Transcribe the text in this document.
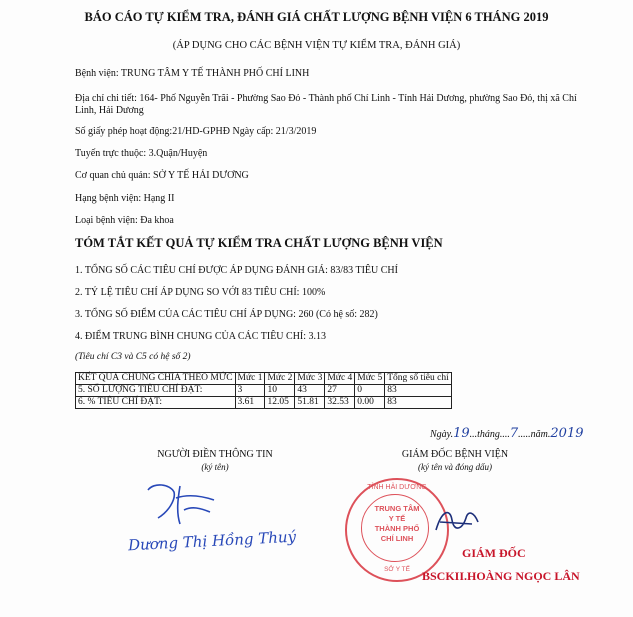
BÁO CÁO TỰ KIỂM TRA, ĐÁNH GIÁ CHẤT LƯỢNG BỆNH VIỆN 6 THÁNG 2019
(ÁP DỤNG CHO CÁC BỆNH VIỆN TỰ KIỂM TRA, ĐÁNH GIÁ)
Bệnh viện: TRUNG TÂM Y TẾ THÀNH PHỐ CHÍ LINH
Địa chỉ chi tiết: 164- Phố Nguyễn Trãi - Phường Sao Đỏ - Thành phố Chí Linh - Tỉnh Hải Dương, phường Sao Đỏ, thị xã Chí Linh, Hải Dương
Số giấy phép hoạt động:21/HD-GPHĐ Ngày cấp: 21/3/2019
Tuyến trực thuộc: 3.Quận/Huyện
Cơ quan chủ quản: SỞ Y TẾ HẢI DƯƠNG
Hạng bệnh viện: Hạng II
Loại bệnh viện: Đa khoa
TÓM TẮT KẾT QUẢ TỰ KIỂM TRA CHẤT LƯỢNG BỆNH VIỆN
1. TỔNG SỐ CÁC TIÊU CHÍ ĐƯỢC ÁP DỤNG ĐÁNH GIÁ: 83/83 TIÊU CHÍ
2. TỶ LỆ TIÊU CHÍ ÁP DỤNG SO VỚI 83 TIÊU CHÍ: 100%
3. TỔNG SỐ ĐIỂM CỦA CÁC TIÊU CHÍ ÁP DỤNG: 260 (Có hệ số: 282)
4. ĐIỂM TRUNG BÌNH CHUNG CỦA CÁC TIÊU CHÍ: 3.13
(Tiêu chí C3 và C5 có hệ số 2)
KẾT QUẢ CHUNG CHIA THEO MỨC	Mức 1	Mức 2	Mức 3	Mức 4	Mức 5	Tổng số tiêu chí
5. SỐ LƯỢNG TIÊU CHÍ ĐẠT:	3	10	43	27	0	83
6. % TIÊU CHÍ ĐẠT:	3.61	12.05	51.81	32.53	0.00	83
Ngày.19...tháng....7.....năm.2019
NGƯỜI ĐIỀN THÔNG TIN
(ký tên)
Dương Thị Hồng Thuý
GIÁM ĐỐC BỆNH VIỆN
(ký tên và đóng dấu)
TỈNH HẢI DƯƠNG
TRUNG TÂM
Y TẾ
THÀNH PHỐ
CHÍ LINH
SỞ Y TẾ
GIÁM ĐỐC
BSCKII.HOÀNG NGỌC LÂN
